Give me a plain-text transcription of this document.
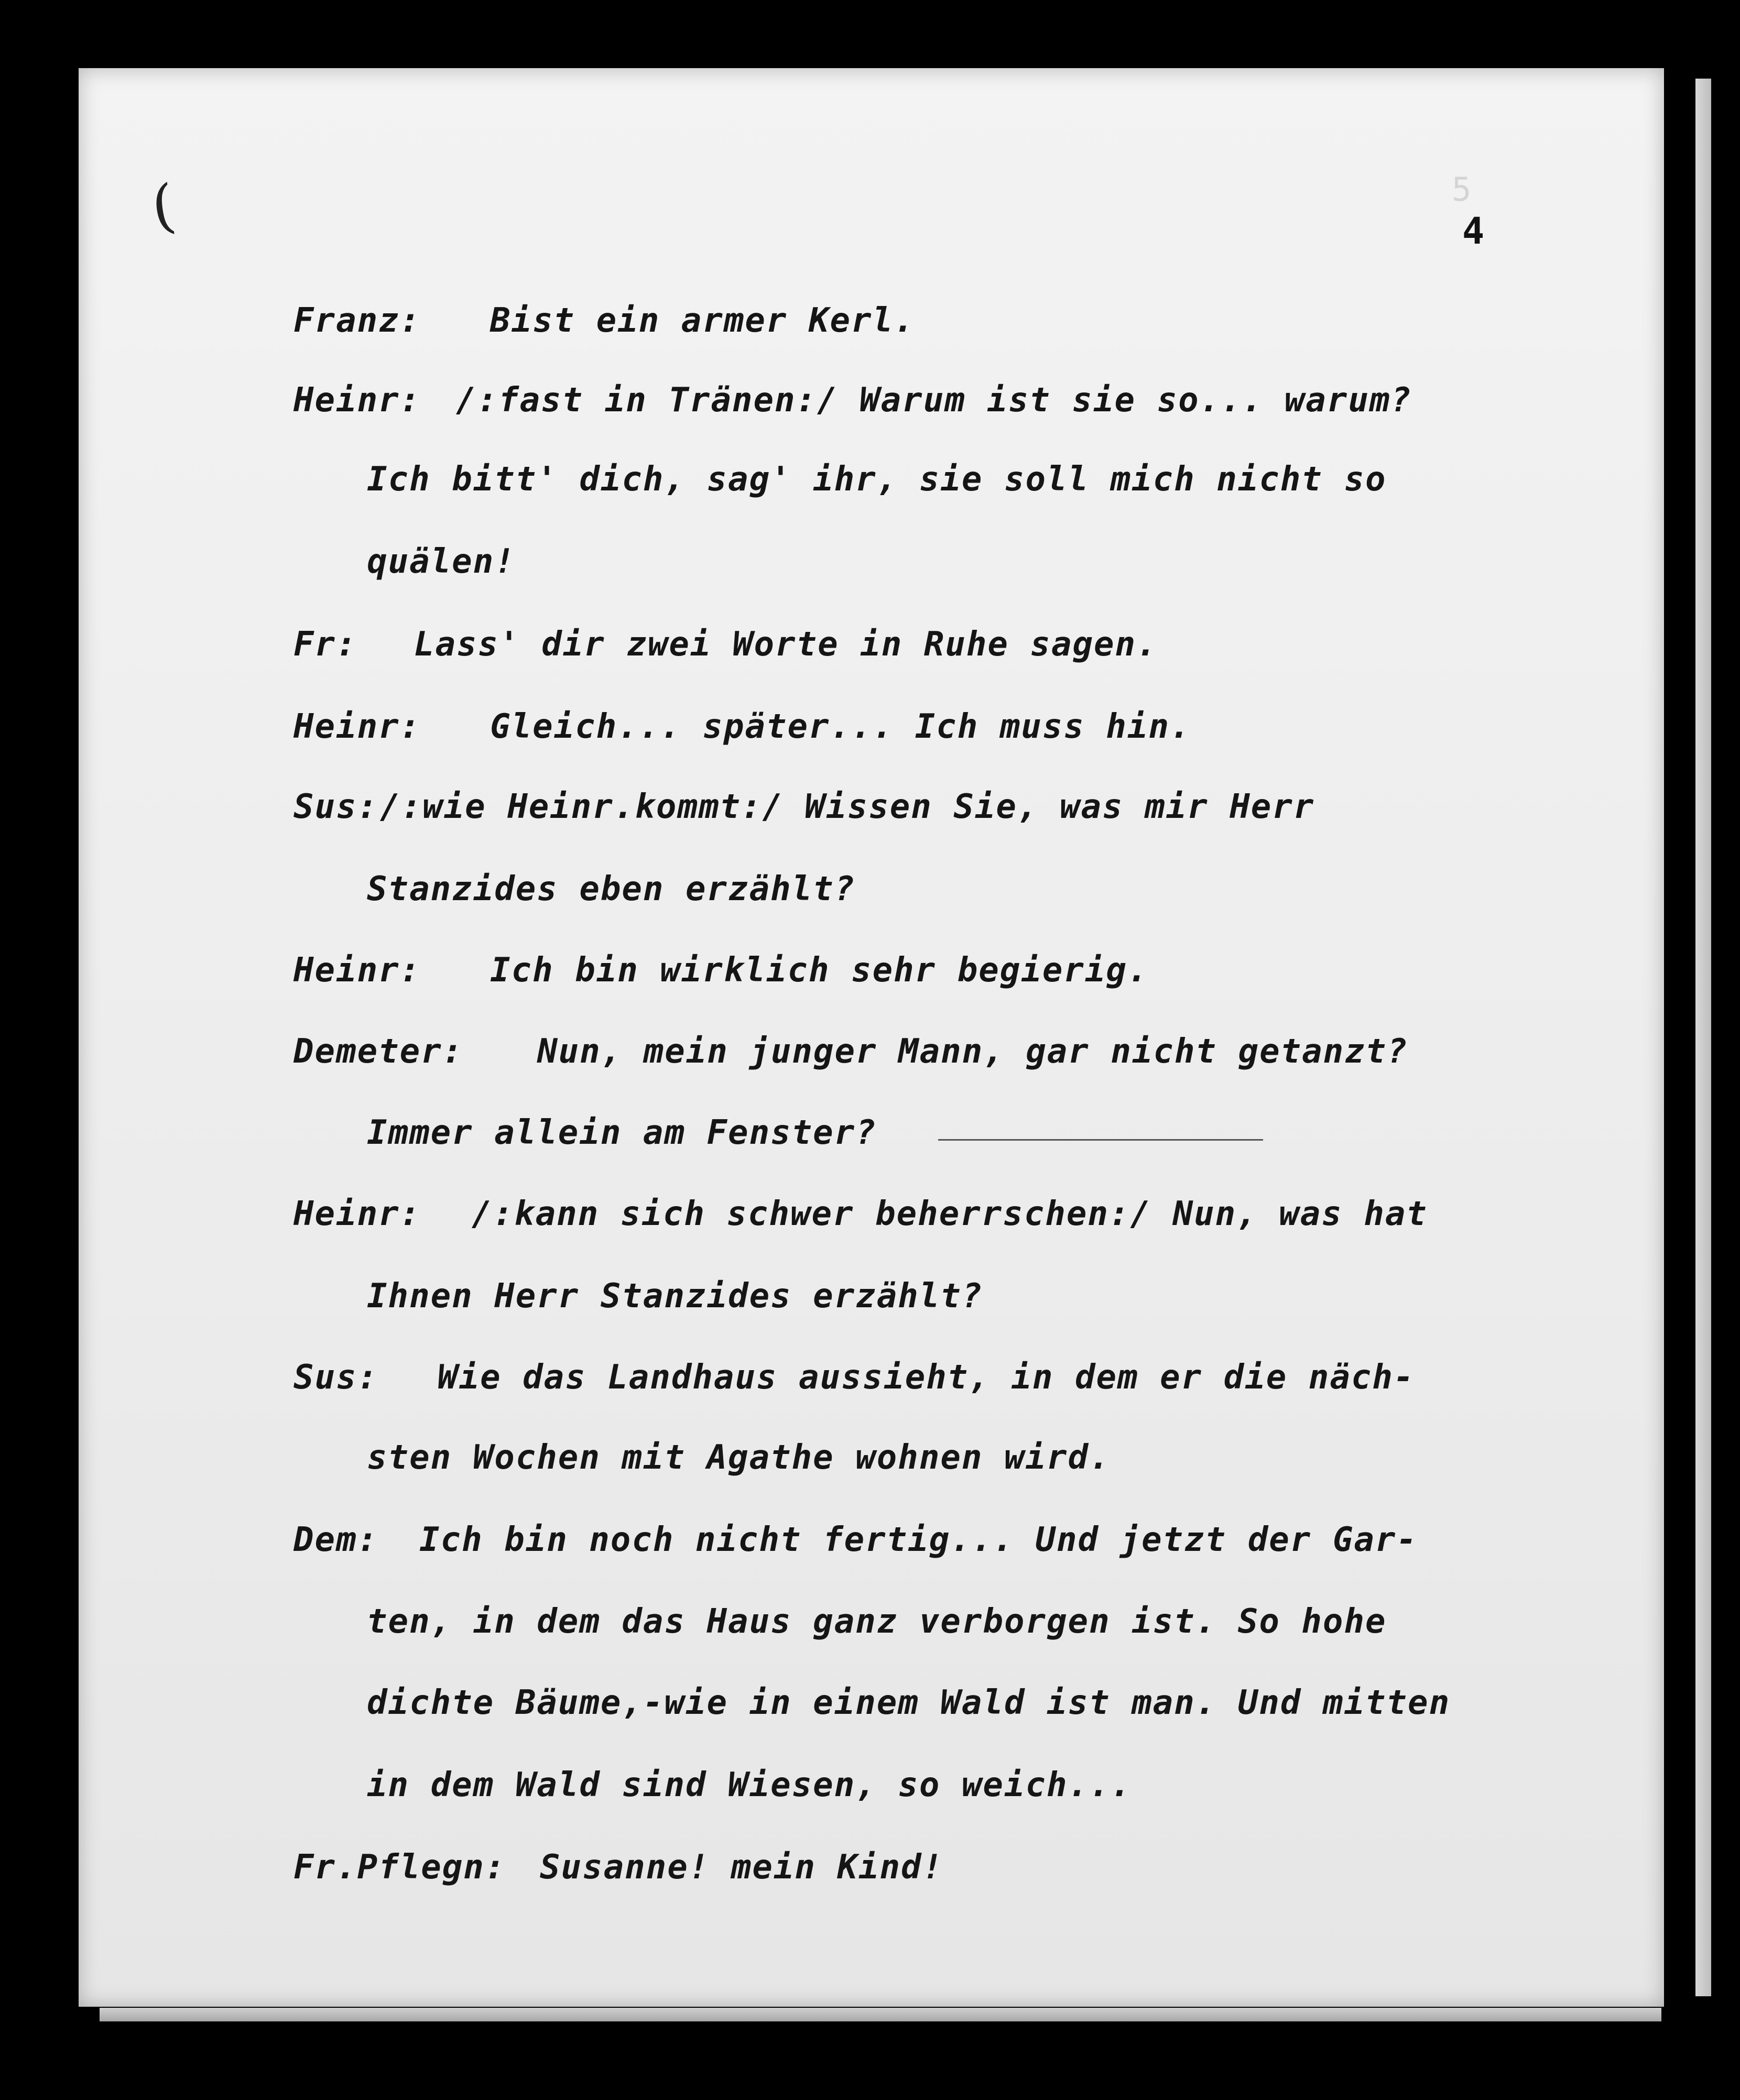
5
4
(
Franz: Bist ein armer Kerl.
Heinr: /:fast in Tränen:/ Warum ist sie so... warum?
Ich bitt' dich, sag' ihr, sie soll mich nicht so
quälen!
Fr: Lass' dir zwei Worte in Ruhe sagen.
Heinr: Gleich... später... Ich muss hin.
Sus: /:wie Heinr.kommt:/ Wissen Sie, was mir Herr
Stanzides eben erzählt?
Heinr: Ich bin wirklich sehr begierig.
Demeter: Nun, mein junger Mann, gar nicht getanzt?
Immer allein am Fenster?
Heinr: /:kann sich schwer beherrschen:/ Nun, was hat
Ihnen Herr Stanzides erzählt?
Sus: Wie das Landhaus aussieht, in dem er die näch-
sten Wochen mit Agathe wohnen wird.
Dem: Ich bin noch nicht fertig... Und jetzt der Gar-
ten, in dem das Haus ganz verborgen ist. So hohe
dichte Bäume,-wie in einem Wald ist man. Und mitten
in dem Wald sind Wiesen, so weich...
Fr.Pflegn: Susanne! mein Kind!
